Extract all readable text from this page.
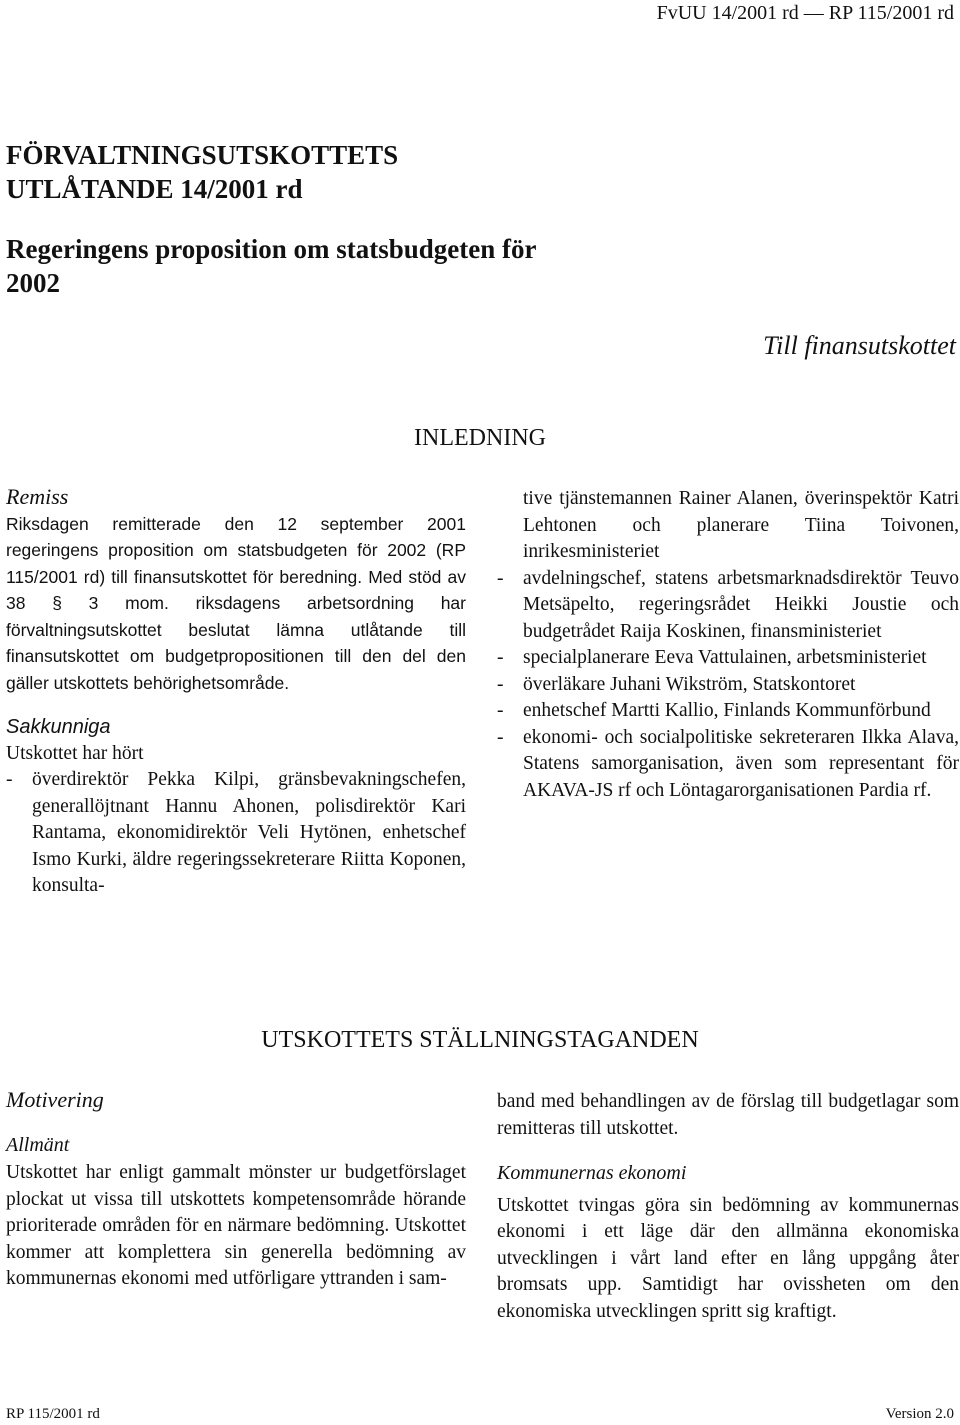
FvUU 14/2001 rd — RP 115/2001 rd
FÖRVALTNINGSUTSKOTTETS
UTLÅTANDE 14/2001 rd
Regeringens proposition om statsbudgeten för
2002
Till finansutskottet
INLEDNING

Remiss

Riksdagen remitterade den 12 september 2001 regeringens proposition om statsbudgeten för 2002 (RP 115/2001 rd) till finansutskottet för beredning. Med stöd av 38 § 3 mom. riksdagens arbetsordning har förvaltningsutskottet beslutat lämna utlåtande till finansutskottet om budgetpropositionen till den del den gäller utskottets behörighetsområde.

Sakkunniga

Utskottet har hört

-	överdirektör Pekka Kilpi, gränsbevakningschefen, generallöjtnant Hannu Ahonen, polisdirektör Kari Rantama, ekonomidirektör Veli Hytönen, enhetschef Ismo Kurki, äldre regeringssekreterare Riitta Koponen, konsulta-

tive tjänstemannen Rainer Alanen, överinspektör Katri Lehtonen och planerare Tiina Toivonen, inrikesministeriet

-	avdelningschef, statens arbetsmarknadsdirektör Teuvo Metsäpelto, regeringsrådet Heikki Joustie och budgetrådet Raija Koskinen, finansministeriet
-	specialplanerare Eeva Vattulainen, arbetsministeriet
-	överläkare Juhani Wikström, Statskontoret
-	enhetschef Martti Kallio, Finlands Kommunförbund
-	ekonomi- och socialpolitiske sekreteraren Ilkka Alava, Statens samorganisation, även som representant för AKAVA-JS rf och Löntagarorganisationen Pardia rf.
UTSKOTTETS STÄLLNINGSTAGANDEN

Motivering

Allmänt

Utskottet har enligt gammalt mönster ur budgetförslaget plockat ut vissa till utskottets kompetensområde hörande prioriterade områden för en närmare bedömning. Utskottet kommer att komplettera sin generella bedömning av kommunernas ekonomi med utförligare yttranden i sam-

band med behandlingen av de förslag till budgetlagar som remitteras till utskottet.

Kommunernas ekonomi

Utskottet tvingas göra sin bedömning av kommunernas ekonomi i ett läge där den allmänna ekonomiska utvecklingen i vårt land efter en lång uppgång åter bromsats upp. Samtidigt har ovissheten om den ekonomiska utvecklingen spritt sig kraftigt.

RP 115/2001 rd	Version 2.0
